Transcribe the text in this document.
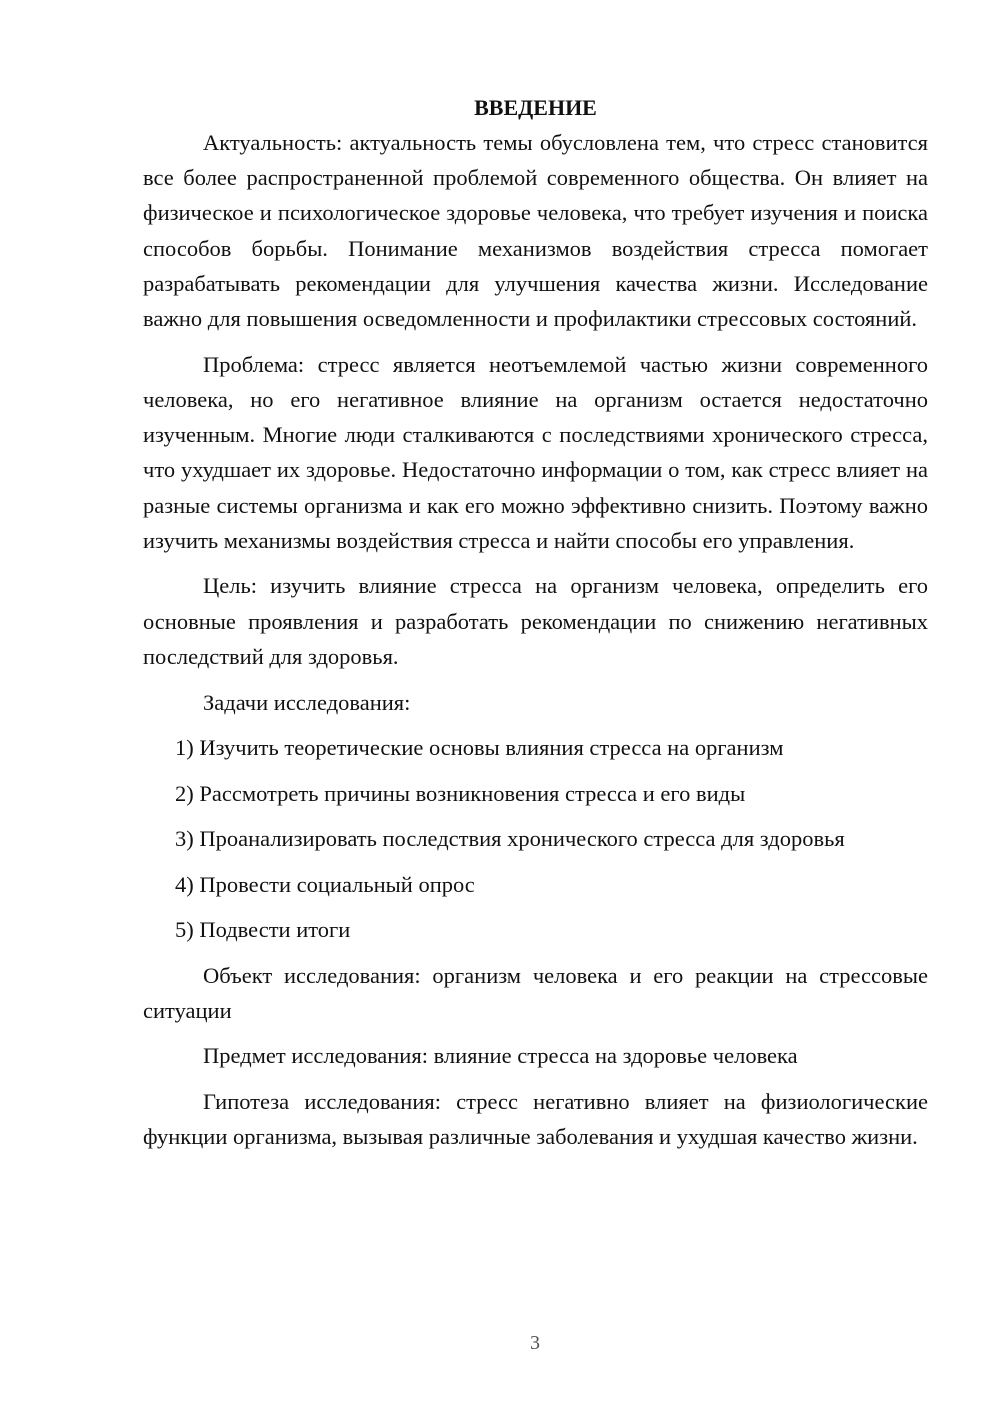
ВВЕДЕНИЕ

Актуальность: актуальность темы обусловлена тем, что стресс становится все более распространенной проблемой современного общества. Он влияет на физическое и психологическое здоровье человека, что требует изучения и поиска способов борьбы. Понимание механизмов воздействия стресса помогает разрабатывать рекомендации для улучшения качества жизни. Исследование важно для повышения осведомленности и профилактики стрессовых состояний.

Проблема: стресс является неотъемлемой частью жизни современного человека, но его негативное влияние на организм остается недостаточно изученным. Многие люди сталкиваются с последствиями хронического стресса, что ухудшает их здоровье. Недостаточно информации о том, как стресс влияет на разные системы организма и как его можно эффективно снизить. Поэтому важно изучить механизмы воздействия стресса и найти способы его управления.

Цель: изучить влияние стресса на организм человека, определить его основные проявления и разработать рекомендации по снижению негативных последствий для здоровья.

Задачи исследования:

1) Изучить теоретические основы влияния стресса на организм

2) Рассмотреть причины возникновения стресса и его виды

3) Проанализировать последствия хронического стресса для здоровья

4) Провести социальный опрос

5) Подвести итоги

Объект исследования: организм человека и его реакции на стрессовые ситуации

Предмет исследования: влияние стресса на здоровье человека

Гипотеза исследования: стресс негативно влияет на физиологические функции организма, вызывая различные заболевания и ухудшая качество жизни.

3
